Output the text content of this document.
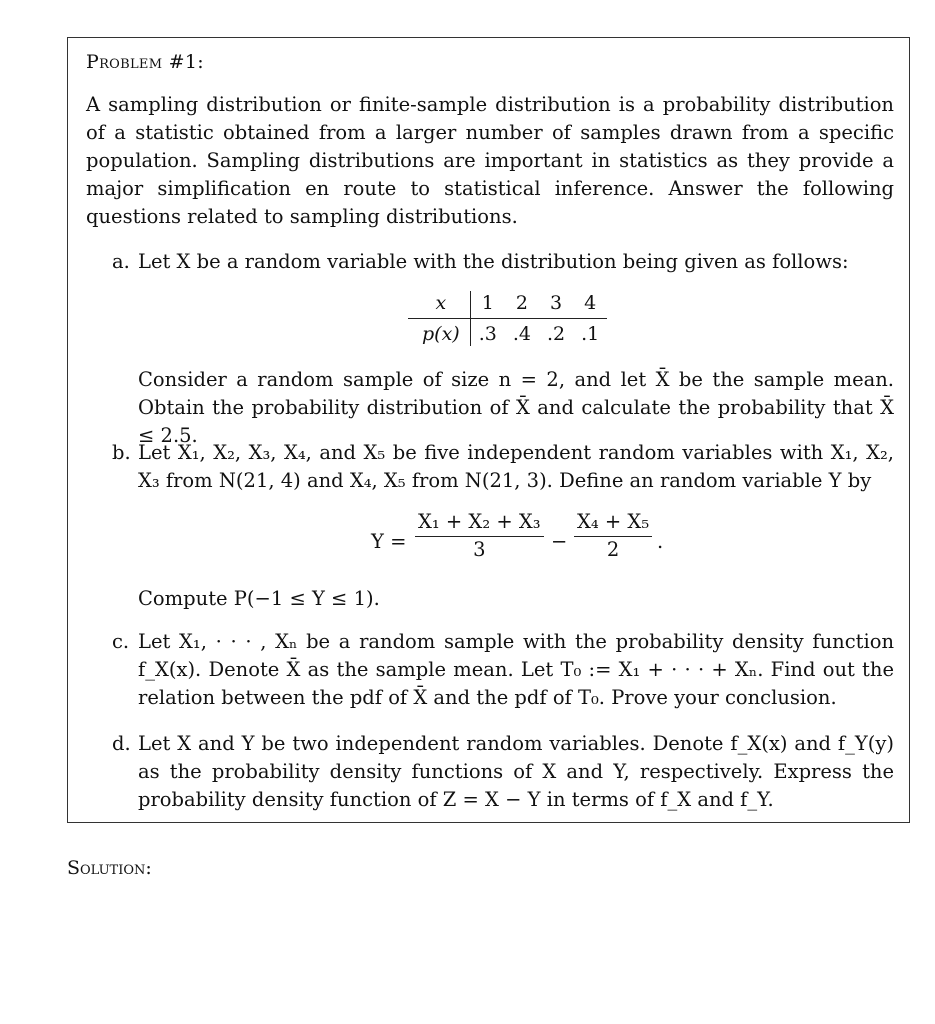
Problem #1:
A sampling distribution or finite-sample distribution is a probability distribution of a statistic obtained from a larger number of samples drawn from a specific population. Sampling distributions are important in statistics as they provide a major simplification en route to statistical inference. Answer the following questions related to sampling distributions.
a. Let X be a random variable with the distribution being given as follows:
x	1	2	3	4
p(x)	.3	.4	.2	.1
Consider a random sample of size n = 2, and let X̄ be the sample mean. Obtain the probability distribution of X̄ and calculate the probability that X̄ ≤ 2.5.
b. Let X₁, X₂, X₃, X₄, and X₅ be five independent random variables with X₁, X₂, X₃ from N(21, 4) and X₄, X₅ from N(21, 3). Define an random variable Y by
$Y = \frac{\text{X₁ + X₂ + X₃}}{3} - \frac{\text{X₄ + X₅}}{2}$ .
Compute P(−1 ≤ Y ≤ 1).
c. Let X₁, · · · , Xₙ be a random sample with the probability density function f_X(x). Denote X̄ as the sample mean. Let T₀ := X₁ + · · · + Xₙ. Find out the relation between the pdf of X̄ and the pdf of T₀. Prove your conclusion.
d. Let X and Y be two independent random variables. Denote f_X(x) and f_Y(y) as the probability density functions of X and Y, respectively. Express the probability density function of Z = X − Y in terms of f_X and f_Y.
Solution:
